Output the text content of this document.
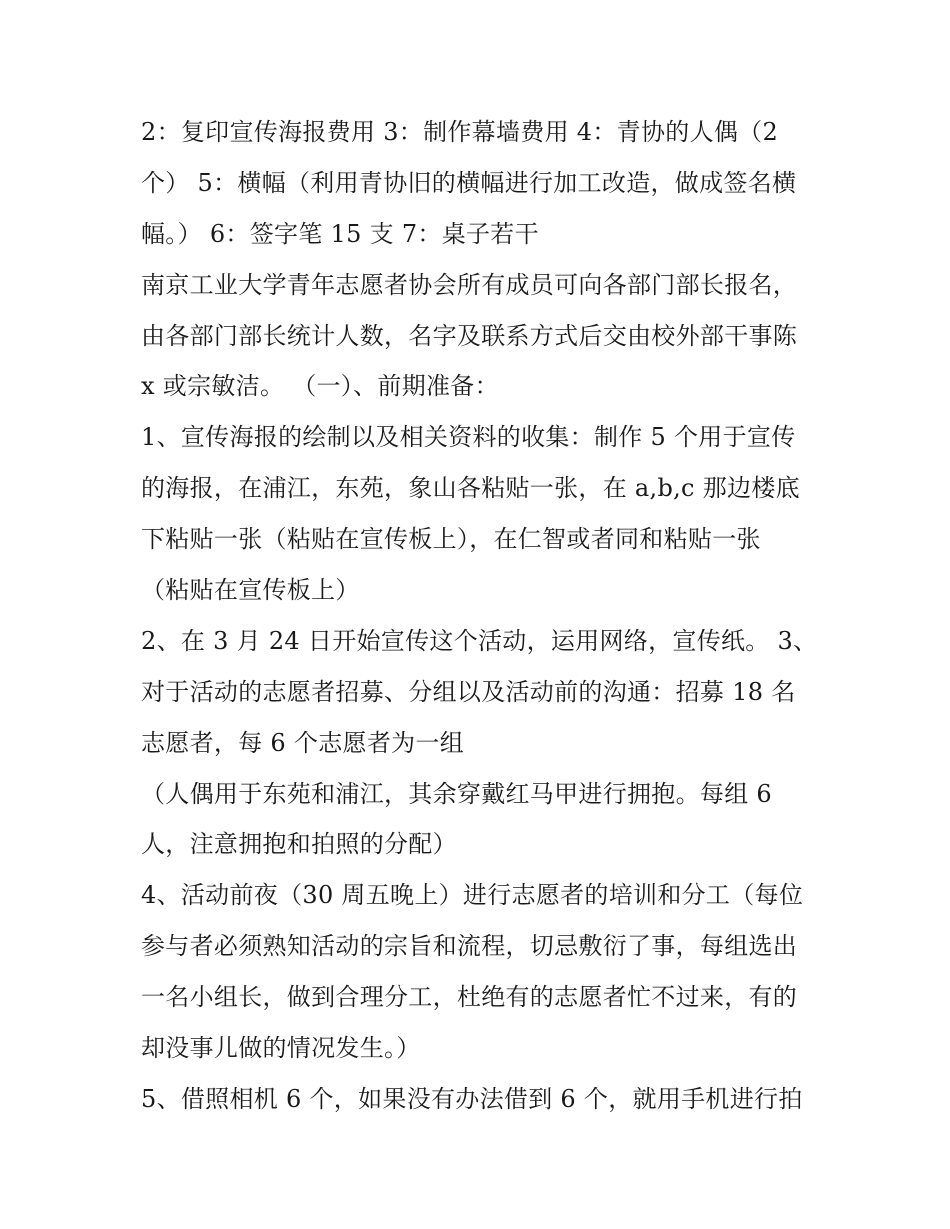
2：复印宣传海报费用 3：制作幕墙费用 4：青协的人偶（2
个） 5：横幅（利用青协旧的横幅进行加工改造，做成签名横
幅。） 6：签字笔 15 支 7：桌子若干
南京工业大学青年志愿者协会所有成员可向各部门部长报名，
由各部门部长统计人数，名字及联系方式后交由校外部干事陈
x 或宗敏洁。 （一）、前期准备：
1、宣传海报的绘制以及相关资料的收集：制作 5 个用于宣传
的海报，在浦江，东苑，象山各粘贴一张，在 a,b,c 那边楼底
下粘贴一张（粘贴在宣传板上），在仁智或者同和粘贴一张
（粘贴在宣传板上）
2、在 3 月 24 日开始宣传这个活动，运用网络，宣传纸。 3、
对于活动的志愿者招募、分组以及活动前的沟通：招募 18 名
志愿者，每 6 个志愿者为一组
（人偶用于东苑和浦江，其余穿戴红马甲进行拥抱。每组 6
人，注意拥抱和拍照的分配）
4、活动前夜（30 周五晚上）进行志愿者的培训和分工（每位
参与者必须熟知活动的宗旨和流程，切忌敷衍了事，每组选出
一名小组长，做到合理分工，杜绝有的志愿者忙不过来，有的
却没事儿做的情况发生。）
5、借照相机 6 个，如果没有办法借到 6 个，就用手机进行拍
